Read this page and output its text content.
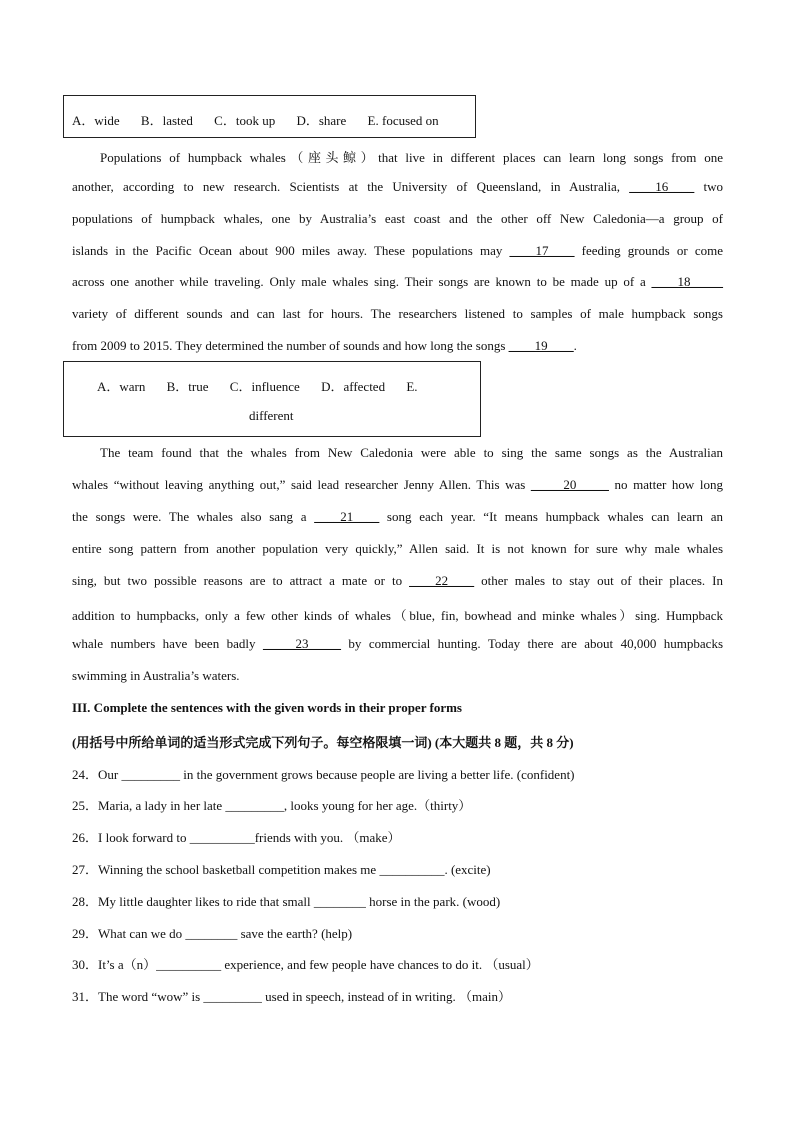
A．wide B．lasted C．took up D．share E. focused on
Populations of humpback whales（座头鲸）that live in different places can learn long songs from one
another, according to new research. Scientists at the University of Queensland, in Australia, ____16____ two
populations of humpback whales, one by Australia’s east coast and the other off New Caledonia—a group of
islands in the Pacific Ocean about 900 miles away. These populations may ____17____ feeding grounds or come
across one another while traveling. Only male whales sing. Their songs are known to be made up of a ____18_____
variety of different sounds and can last for hours. The researchers listened to samples of male humpback songs
from 2009 to 2015. They determined the number of sounds and how long the songs ____19____.
A．warn B．true C．influence D．affected E.
different
The team found that the whales from New Caledonia were able to sing the same songs as the Australian
whales “without leaving anything out,” said lead researcher Jenny Allen. This was _____20_____ no matter how long
the songs were. The whales also sang a ____21____ song each year. “It means humpback whales can learn an
entire song pattern from another population very quickly,” Allen said. It is not known for sure why male whales
sing, but two possible reasons are to attract a mate or to ____22____ other males to stay out of their places. In
addition to humpbacks, only a few other kinds of whales（blue, fin, bowhead and minke whales）sing. Humpback
whale numbers have been badly _____23_____ by commercial hunting. Today there are about 40,000 humpbacks
swimming in Australia’s waters.
III. Complete the sentences with the given words in their proper forms
(用括号中所给单词的适当形式完成下列句子。每空格限填一词) (本大题共 8 题，共 8 分)
24．Our _________ in the government grows because people are living a better life. (confident)
25．Maria, a lady in her late _________, looks young for her age.（thirty）
26．I look forward to __________friends with you. （make）
27．Winning the school basketball competition makes me __________. (excite)
28．My little daughter likes to ride that small ________ horse in the park. (wood)
29．What can we do ________ save the earth? (help)
30．It’s a（n）__________ experience, and few people have chances to do it. （usual）
31．The word “wow” is _________ used in speech, instead of in writing. （main）
